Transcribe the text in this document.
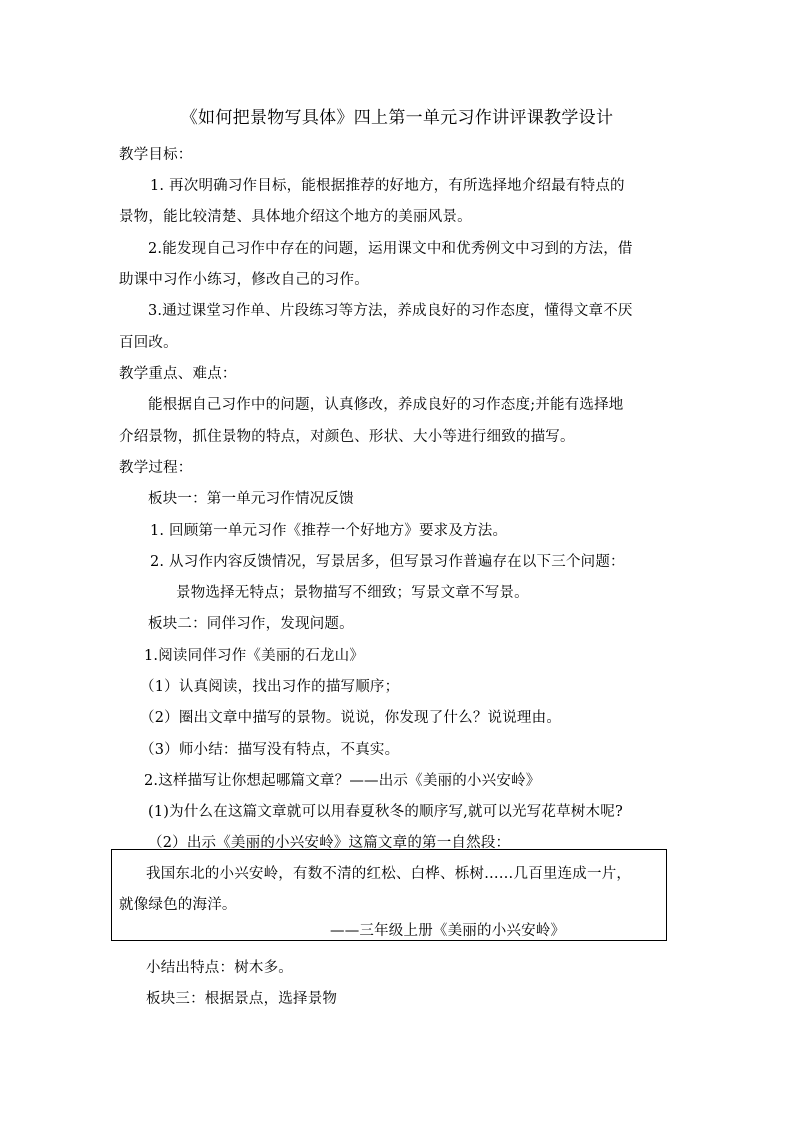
《如何把景物写具体》四上第一单元习作讲评课教学设计
教学目标：
1. 再次明确习作目标，能根据推荐的好地方，有所选择地介绍最有特点的
景物，能比较清楚、具体地介绍这个地方的美丽风景。
2.能发现自己习作中存在的问题，运用课文中和优秀例文中习到的方法，借
助课中习作小练习，修改自己的习作。
3.通过课堂习作单、片段练习等方法，养成良好的习作态度，懂得文章不厌
百回改。
教学重点、难点：
能根据自己习作中的问题，认真修改，养成良好的习作态度;并能有选择地
介绍景物，抓住景物的特点，对颜色、形状、大小等进行细致的描写。
教学过程：
板块一：第一单元习作情况反馈
1. 回顾第一单元习作《推荐一个好地方》要求及方法。
2. 从习作内容反馈情况，写景居多，但写景习作普遍存在以下三个问题：
景物选择无特点；景物描写不细致；写景文章不写景。
板块二：同伴习作，发现问题。
1.阅读同伴习作《美丽的石龙山》
（1）认真阅读，找出习作的描写顺序；
（2）圈出文章中描写的景物。说说，你发现了什么？说说理由。
（3）师小结：描写没有特点，不真实。
2.这样描写让你想起哪篇文章？——出示《美丽的小兴安岭》
(1)为什么在这篇文章就可以用春夏秋冬的顺序写,就可以光写花草树木呢?
（2）出示《美丽的小兴安岭》这篇文章的第一自然段：
我国东北的小兴安岭，有数不清的红松、白桦、栎树……几百里连成一片，
就像绿色的海洋。
——三年级上册《美丽的小兴安岭》
小结出特点：树木多。
板块三：根据景点，选择景物
